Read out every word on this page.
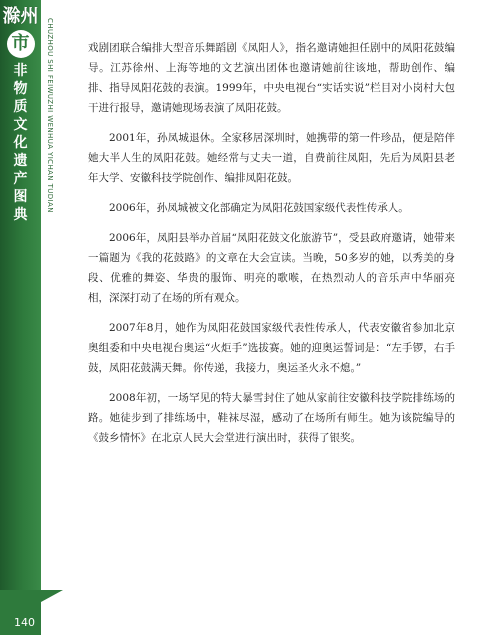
滁州
市
非
物
质
文
化
遗
产
图
典
CHUZHOU SHI FEIWUZHI WENHUA YICHAN TUDIAN
140

戏剧团联合编排大型音乐舞蹈剧《凤阳人》，指名邀请她担任剧中的凤阳花鼓编导。江苏徐州、上海等地的文艺演出团体也邀请她前往该地，帮助创作、编排、指导凤阳花鼓的表演。1999年，中央电视台“实话实说”栏目对小岗村大包干进行报导，邀请她现场表演了凤阳花鼓。

2001年，孙凤城退休。全家移居深圳时，她携带的第一件珍品，便是陪伴她大半人生的凤阳花鼓。她经常与丈夫一道，自费前往凤阳，先后为凤阳县老年大学、安徽科技学院创作、编排凤阳花鼓。

2006年，孙凤城被文化部确定为凤阳花鼓国家级代表性传承人。

2006年，凤阳县举办首届“凤阳花鼓文化旅游节”，受县政府邀请，她带来一篇题为《我的花鼓路》的文章在大会宣读。当晚，50多岁的她，以秀美的身段、优雅的舞姿、华贵的服饰、明亮的歌喉，在热烈动人的音乐声中华丽亮相，深深打动了在场的所有观众。

2007年8月，她作为凤阳花鼓国家级代表性传承人，代表安徽省参加北京奥组委和中央电视台奥运“火炬手”选拔赛。她的迎奥运誓词是：“左手锣，右手鼓，凤阳花鼓满天舞。你传递，我接力，奥运圣火永不熄。”

2008年初，一场罕见的特大暴雪封住了她从家前往安徽科技学院排练场的路。她徒步到了排练场中，鞋袜尽湿，感动了在场所有师生。她为该院编导的《鼓乡情怀》在北京人民大会堂进行演出时，获得了银奖。
